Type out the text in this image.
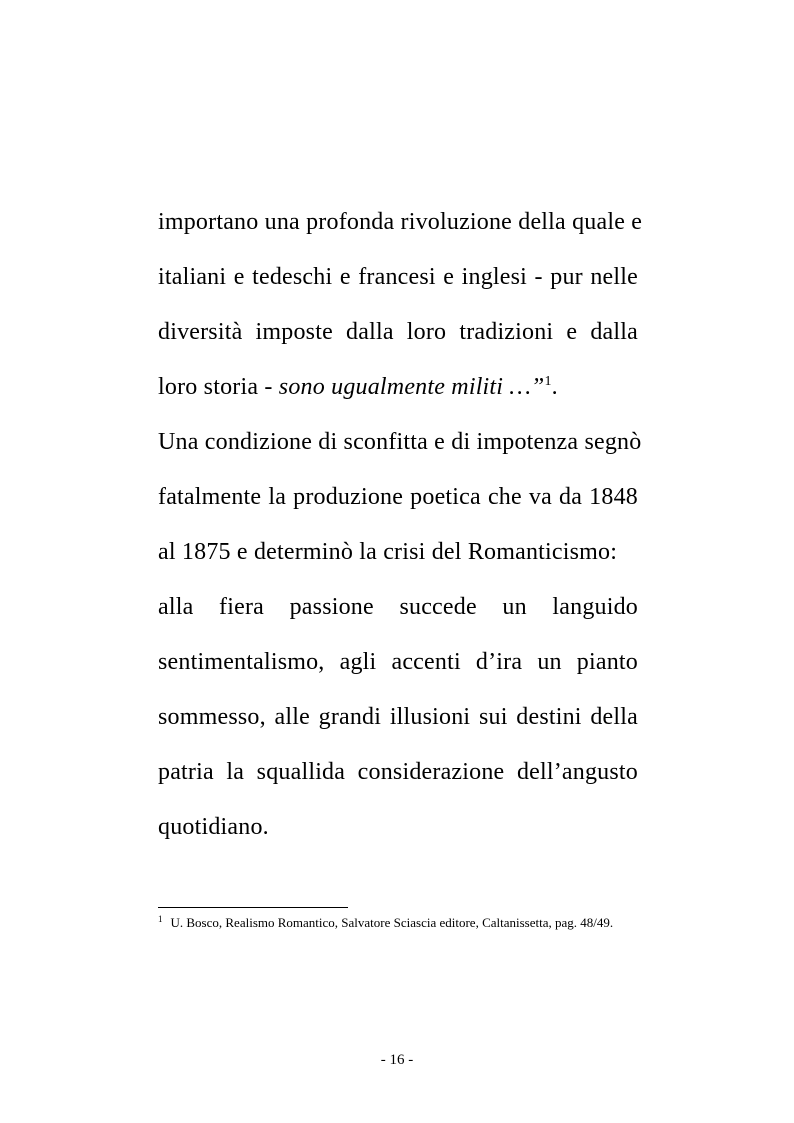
importano una profonda rivoluzione della quale e
italiani e tedeschi e francesi e inglesi - pur nelle
diversità imposte dalla loro tradizioni e dalla
loro storia - sono ugualmente militi …”$^1$.
Una condizione di sconfitta e di impotenza segnò
fatalmente la produzione poetica che va da 1848
al 1875 e determinò la crisi del Romanticismo:
alla fiera passione succede un languido
sentimentalismo, agli accenti d’ira un pianto
sommesso, alle grandi illusioni sui destini della
patria la squallida considerazione dell’angusto
quotidiano.
$^1$ U. Bosco, Realismo Romantico, Salvatore Sciascia editore, Caltanissetta, pag. 48/49.
- 16 -
